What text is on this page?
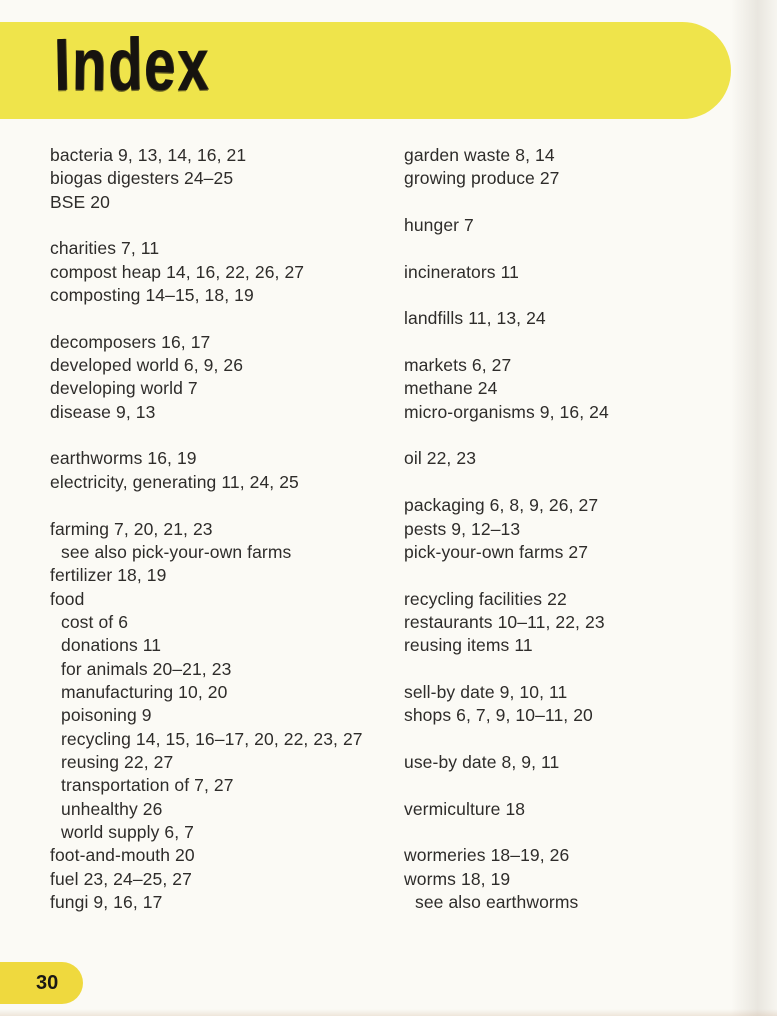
Index
bacteria 9, 13, 14, 16, 21
biogas digesters 24–25
BSE 20

charities 7, 11
compost heap 14, 16, 22, 26, 27
composting 14–15, 18, 19

decomposers 16, 17
developed world 6, 9, 26
developing world 7
disease 9, 13

earthworms 16, 19
electricity, generating 11, 24, 25

farming 7, 20, 21, 23
see also pick-your-own farms
fertilizer 18, 19
food
cost of 6
donations 11
for animals 20–21, 23
manufacturing 10, 20
poisoning 9
recycling 14, 15, 16–17, 20, 22, 23, 27
reusing 22, 27
transportation of 7, 27
unhealthy 26
world supply 6, 7
foot-and-mouth 20
fuel 23, 24–25, 27
fungi 9, 16, 17
garden waste 8, 14
growing produce 27

hunger 7

incinerators 11

landfills 11, 13, 24

markets 6, 27
methane 24
micro-organisms 9, 16, 24

oil 22, 23

packaging 6, 8, 9, 26, 27
pests 9, 12–13
pick-your-own farms 27

recycling facilities 22
restaurants 10–11, 22, 23
reusing items 11

sell-by date 9, 10, 11
shops 6, 7, 9, 10–11, 20

use-by date 8, 9, 11

vermiculture 18

wormeries 18–19, 26
worms 18, 19
see also earthworms
30
